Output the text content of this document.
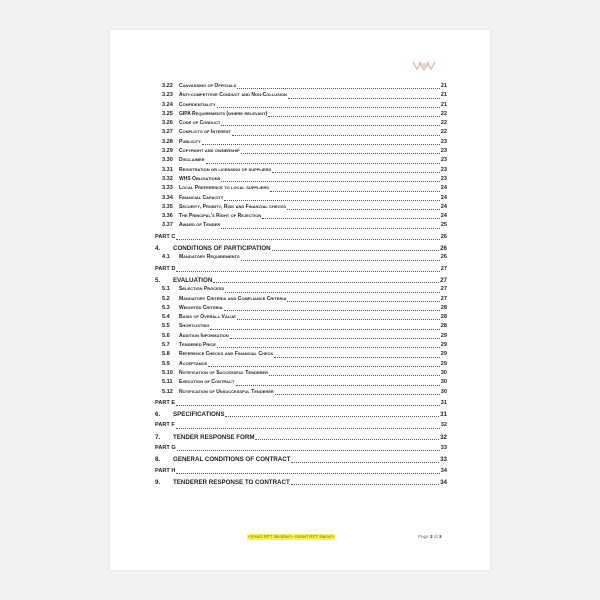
3.22	Canvassing of Officials	21
3.23	Anti-competitive Conduct and Non-Collusion	21
3.24	Confidentiality	21
3.25	GIPA Requirements (where relevant)	22
3.26	Code of Conduct	22
3.27	Conflicts of Interest	22
3.28	Publicity	23
3.29	Copyright and ownership	23
3.30	Disclaimer	23
3.31	Registration or licensing of suppliers	23
3.32	WHS Obligations	23
3.33	Local Preference to local suppliers	24
3.34	Financial Capacity	24
3.35	Security, Probity, Risk and Financial checks	24
3.36	The Principal's Right of Rejection	24
3.37	Award of Tender	25
PART C	26
4.	CONDITIONS OF PARTICIPATION	26
4.1	Mandatory Requirements	26
PART D	27
5.	EVALUATION	27
5.1	Selection Process	27
5.2	Mandatory Criteria and Compliance Criteria	27
5.3	Weighted Criteria	28
5.4	Basis of Overall Value	28
5.5	Shortlisting	28
5.6	Addition Information	29
5.7	Tendered Price	29
5.8	Reference Checks and Financial Check	29
5.9	Acceptance	29
5.10	Notification of Successful Tenderer	30
5.11	Execution of Contract	30
5.12	Notification of Unsuccessful Tenderer	30
PART E	31
6.	SPECIFICATIONS	31
PART F	32
7.	TENDER RESPONSE FORM	32
PART G	33
8.	GENERAL CONDITIONS OF CONTRACT	33
PART H	34
9.	TENDERER RESPONSE TO CONTRACT	34
<Insert RFT Number> <Insert RFT Name>	Page 3 of 3
